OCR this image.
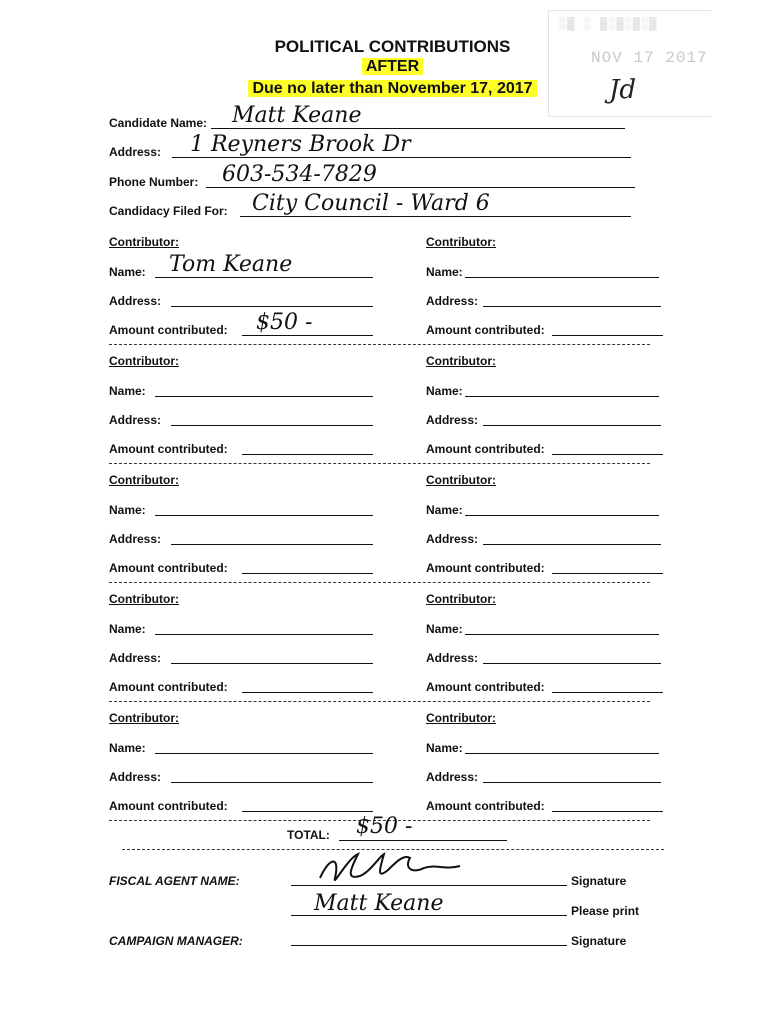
POLITICAL CONTRIBUTIONS
AFTER
Due no later than November 17, 2017
▒▓ ▒ ▓▒▓▒▓▒▓
NOV 17 2017
Jd
Candidate Name: Matt Keane
Address: 1 Reyners Brook Dr
Phone Number: 603-534-7829
Candidacy Filed For: City Council - Ward 6
Contributor:
Name: Tom Keane
Address:
Amount contributed: $50 -
Contributor:
Name:
Address:
Amount contributed:
Contributor:
Name:
Address:
Amount contributed:
Contributor:
Name:
Address:
Amount contributed:
Contributor:
Name:
Address:
Amount contributed:
Contributor:
Name:
Address:
Amount contributed:
Contributor:
Name:
Address:
Amount contributed:
Contributor:
Name:
Address:
Amount contributed:
Contributor:
Name:
Address:
Amount contributed:
Contributor:
Name:
Address:
Amount contributed:
TOTAL: $50 -
FISCAL AGENT NAME:	Signature
Matt Keane	Please print
CAMPAIGN MANAGER:	Signature
